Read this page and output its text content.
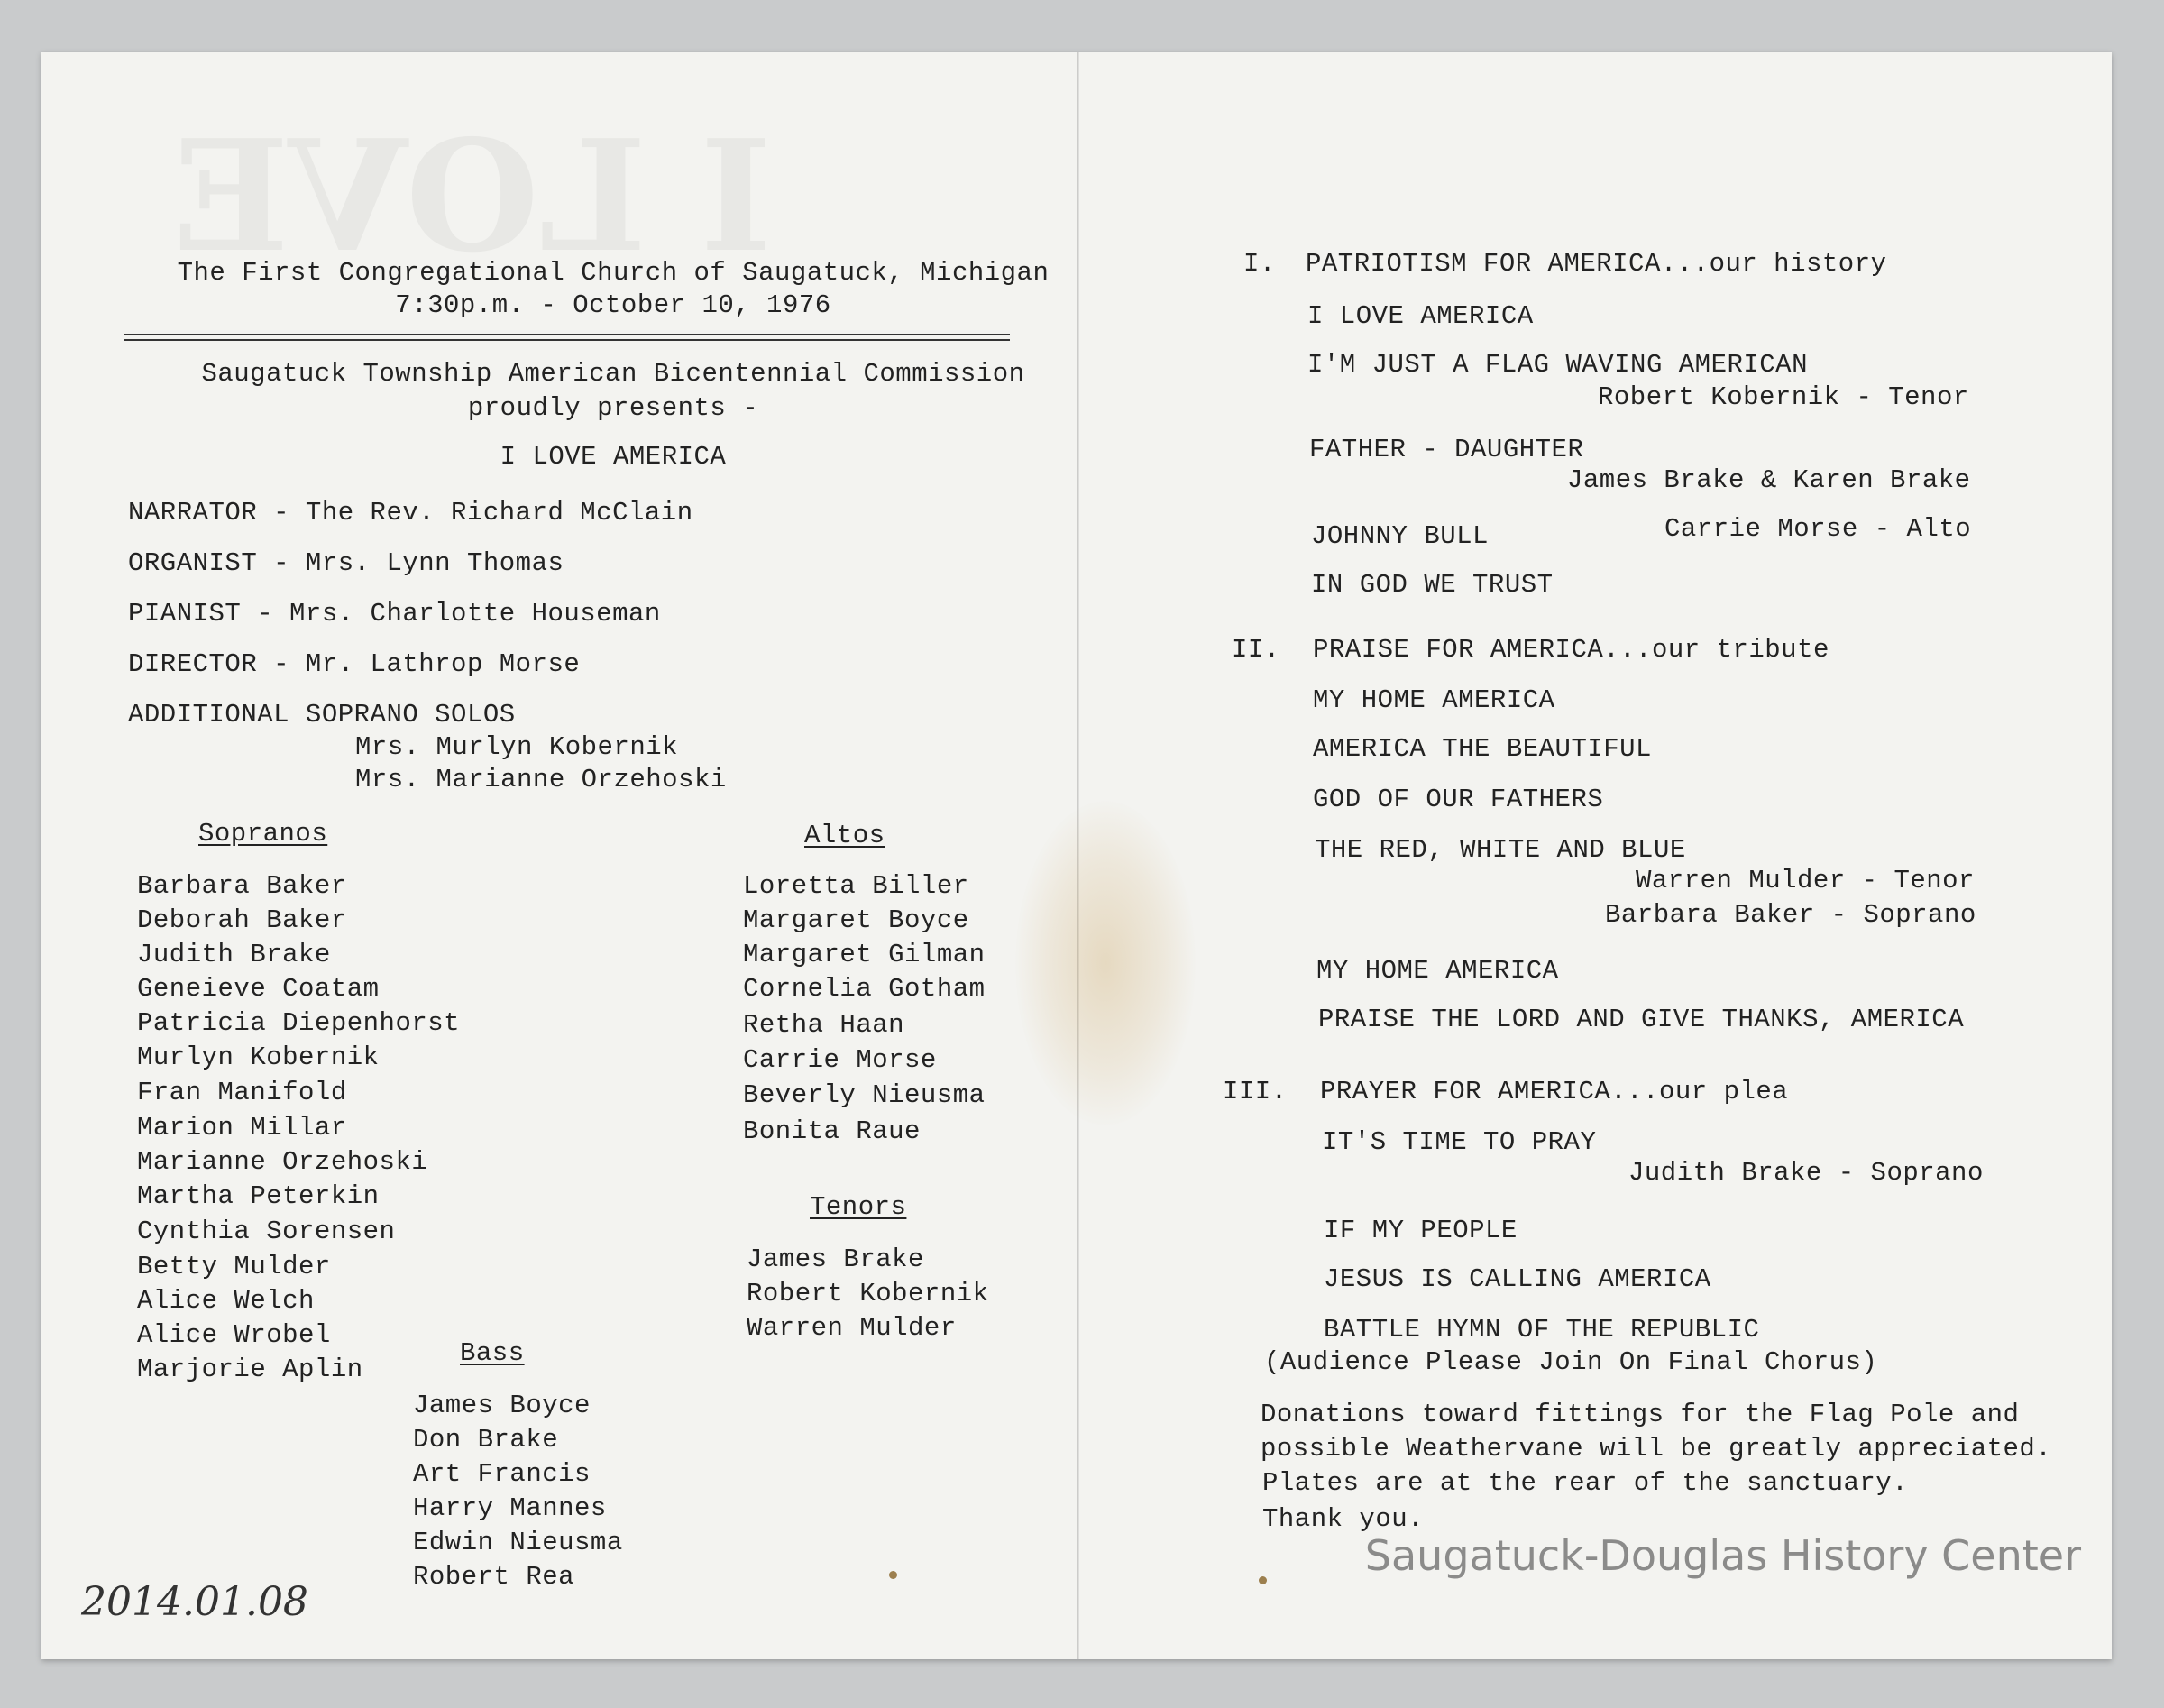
The First Congregational Church of Saugatuck, Michigan
7:30p.m. - October 10, 1976
Saugatuck Township American Bicentennial Commission
proudly presents -
I LOVE AMERICA
NARRATOR - The Rev. Richard McClain
ORGANIST - Mrs. Lynn Thomas
PIANIST - Mrs. Charlotte Houseman
DIRECTOR - Mr. Lathrop Morse
ADDITIONAL SOPRANO SOLOS
Mrs. Murlyn Kobernik
Mrs. Marianne Orzehoski
Sopranos
Barbara Baker
Deborah Baker
Judith Brake
Geneieve Coatam
Patricia Diepenhorst
Murlyn Kobernik
Fran Manifold
Marion Millar
Marianne Orzehoski
Martha Peterkin
Cynthia Sorensen
Betty Mulder
Alice Welch
Alice Wrobel
Marjorie Aplin
Altos
Loretta Biller
Margaret Boyce
Margaret Gilman
Cornelia Gotham
Retha Haan
Carrie Morse
Beverly Nieusma
Bonita Raue
Tenors
James Brake
Robert Kobernik
Warren Mulder
Bass
James Boyce
Don Brake
Art Francis
Harry Mannes
Edwin Nieusma
Robert Rea
I. PATRIOTISM FOR AMERICA...our history
I LOVE AMERICA
I'M JUST A FLAG WAVING AMERICAN
Robert Kobernik - Tenor
FATHER - DAUGHTER
James Brake & Karen Brake
JOHNNY BULL	Carrie Morse - Alto
IN GOD WE TRUST
II. PRAISE FOR AMERICA...our tribute
MY HOME AMERICA
AMERICA THE BEAUTIFUL
GOD OF OUR FATHERS
THE RED, WHITE AND BLUE
Warren Mulder - Tenor
Barbara Baker - Soprano
MY HOME AMERICA
PRAISE THE LORD AND GIVE THANKS, AMERICA
III. PRAYER FOR AMERICA...our plea
IT'S TIME TO PRAY
Judith Brake - Soprano
IF MY PEOPLE
JESUS IS CALLING AMERICA
BATTLE HYMN OF THE REPUBLIC
(Audience Please Join On Final Chorus)
Donations toward fittings for the Flag Pole and
possible Weathervane will be greatly appreciated.
Plates are at the rear of the sanctuary.
Thank you.
2014.01.08
Saugatuck-Douglas History Center
